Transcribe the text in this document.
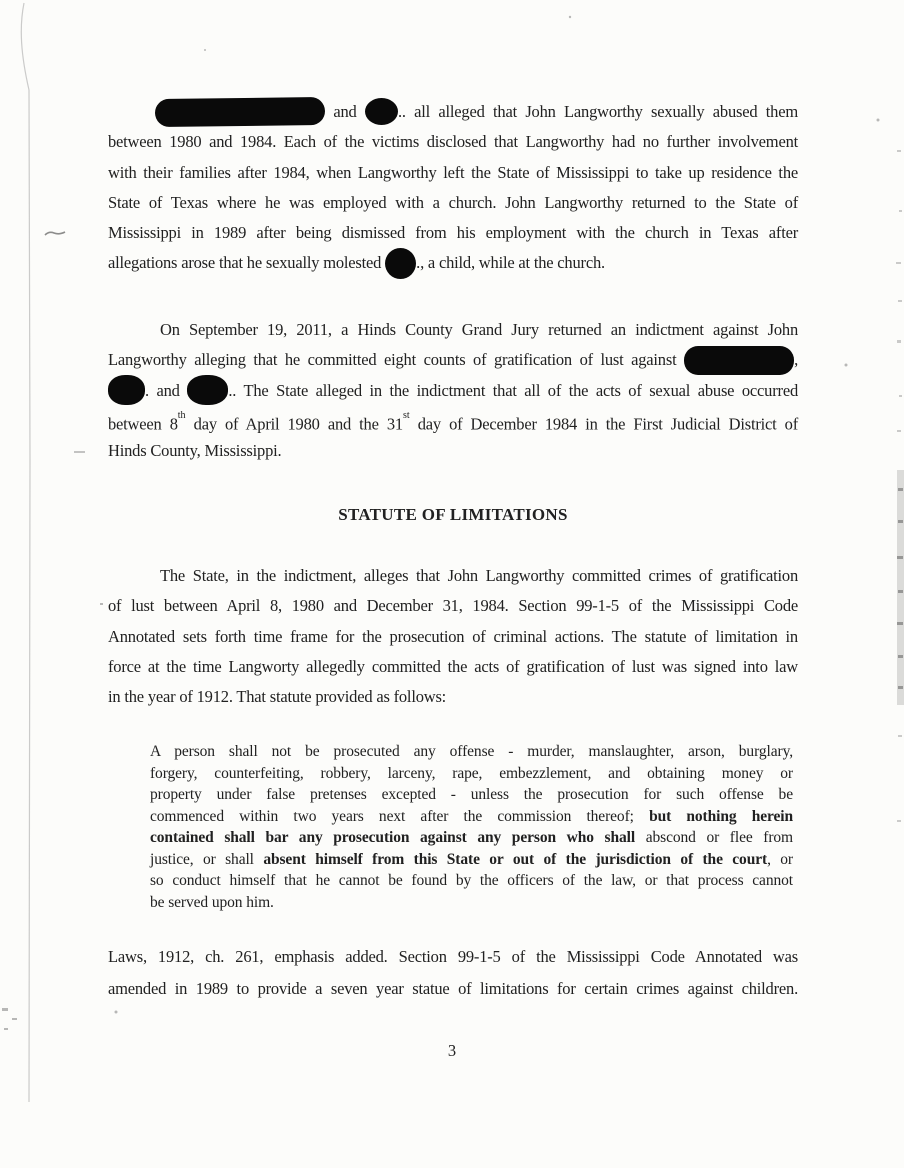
and	.. all alleged that John Langworthy sexually abused them
between 1980 and 1984. Each of the victims disclosed that Langworthy had no further involvement
with their families after 1984, when Langworthy left the State of Mississippi to take up residence the
State of Texas where he was employed with a church. John Langworthy returned to the State of
Mississippi in 1989 after being dismissed from his employment with the church in Texas after
allegations arose that he sexually molested ., a child, while at the church.
On September 19, 2011, a Hinds County Grand Jury returned an indictment against John
Langworthy alleging that he committed eight counts of gratification of lust against	,
. and	.. The State alleged in the indictment that all of the acts of sexual abuse occurred
between 8th day of April 1980 and the 31st day of December 1984 in the First Judicial District of
Hinds County, Mississippi.
STATUTE OF LIMITATIONS
The State, in the indictment, alleges that John Langworthy committed crimes of gratification
of lust between April 8, 1980 and December 31, 1984. Section 99-1-5 of the Mississippi Code
Annotated sets forth time frame for the prosecution of criminal actions. The statute of limitation in
force at the time Langworty allegedly committed the acts of gratification of lust was signed into law
in the year of 1912. That statute provided as follows:
A person shall not be prosecuted any offense - murder, manslaughter, arson, burglary,
forgery, counterfeiting, robbery, larceny, rape, embezzlement, and obtaining money or
property under false pretenses excepted - unless the prosecution for such offense be
commenced within two years next after the commission thereof; but nothing herein
contained shall bar any prosecution against any person who shall abscond or flee from
justice, or shall absent himself from this State or out of the jurisdiction of the court, or
so conduct himself that he cannot be found by the officers of the law, or that process cannot
be served upon him.
Laws, 1912, ch. 261, emphasis added. Section 99-1-5 of the Mississippi Code Annotated was
amended in 1989 to provide a seven year statue of limitations for certain crimes against children.
3
